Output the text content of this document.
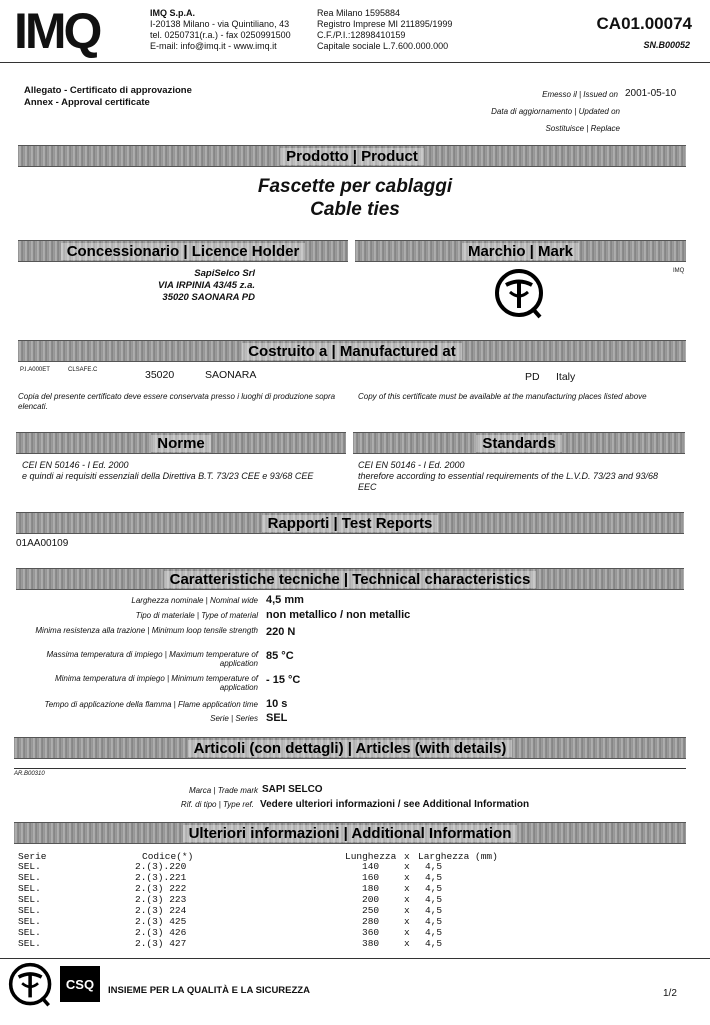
IMQ	IMQ S.p.A.
I-20138 Milano - via Quintiliano, 43
tel. 0250731(r.a.) - fax 0250991500
E-mail: info@imq.it - www.imq.it
Rea Milano 1595884
Registro Imprese MI 211895/1999
C.F./P.I.:12898410159
Capitale sociale L.7.600.000.000
CA01.00074
SN.B00052
Allegato - Certificato di approvazione
Annex - Approval certificate
Emesso il | Issued on 2001-05-10
Data di aggiornamento | Updated on
Sostituisce | Replace
Prodotto | Product
Fascette per cablaggi
Cable ties
Concessionario | Licence Holder	Marchio | Mark
SapiSelco Srl
VIA IRPINIA 43/45 z.a.
35020 SAONARA PD
IMQ
Costruito a | Manufactured at
P.I.A000ET	CLSAFE.C	35020	SAONARA	PD Italy
Copia del presente certificato deve essere conservata presso i luoghi di produzione sopra elencati.
Copy of this certificate must be available at the manufacturing places listed above
Norme	Standards
CEI EN 50146 - I Ed. 2000
e quindi ai requisiti essenziali della Direttiva B.T. 73/23 CEE e 93/68 CEE
CEI EN 50146 - I Ed. 2000
therefore according to essential requirements of the L.V.D. 73/23 and 93/68 EEC
Rapporti | Test Reports
01AA00109
Caratteristiche tecniche | Technical characteristics
Larghezza nominale | Nominal wide 4,5 mm
Tipo di materiale | Type of material non metallico / non metallic
Minima resistenza alla trazione | Minimum loop tensile strength 220 N
Massima temperatura di impiego | Maximum temperature of application
85 °C
Minima temperatura di impiego | Minimum temperature of application
- 15 °C
Tempo di applicazione della flamma | Flame application time 10 s
Serie | Series SEL
Articoli (con dettagli) | Articles (with details)
AR.B00310
Marca | Trade mark SAPI SELCO
Rif. di tipo | Type ref. Vedere ulteriori informazioni / see Additional Information
Ulteriori informazioni | Additional Information
Serie	Codice(*)	Lunghezza x Larghezza (mm)
SEL.	2.(3).220	140	x 4,5
SEL.	2.(3).221	160	x 4,5
SEL.	2.(3) 222	180	x 4,5
SEL.	2.(3) 223	200	x 4,5
SEL.	2.(3) 224	250	x 4,5
SEL.	2.(3) 425	280	x 4,5
SEL.	2.(3) 426	360	x 4,5
SEL.	2.(3) 427	380	x 4,5
CSQ INSIEME PER LA QUALITÀ E LA SICUREZZA	1/2
